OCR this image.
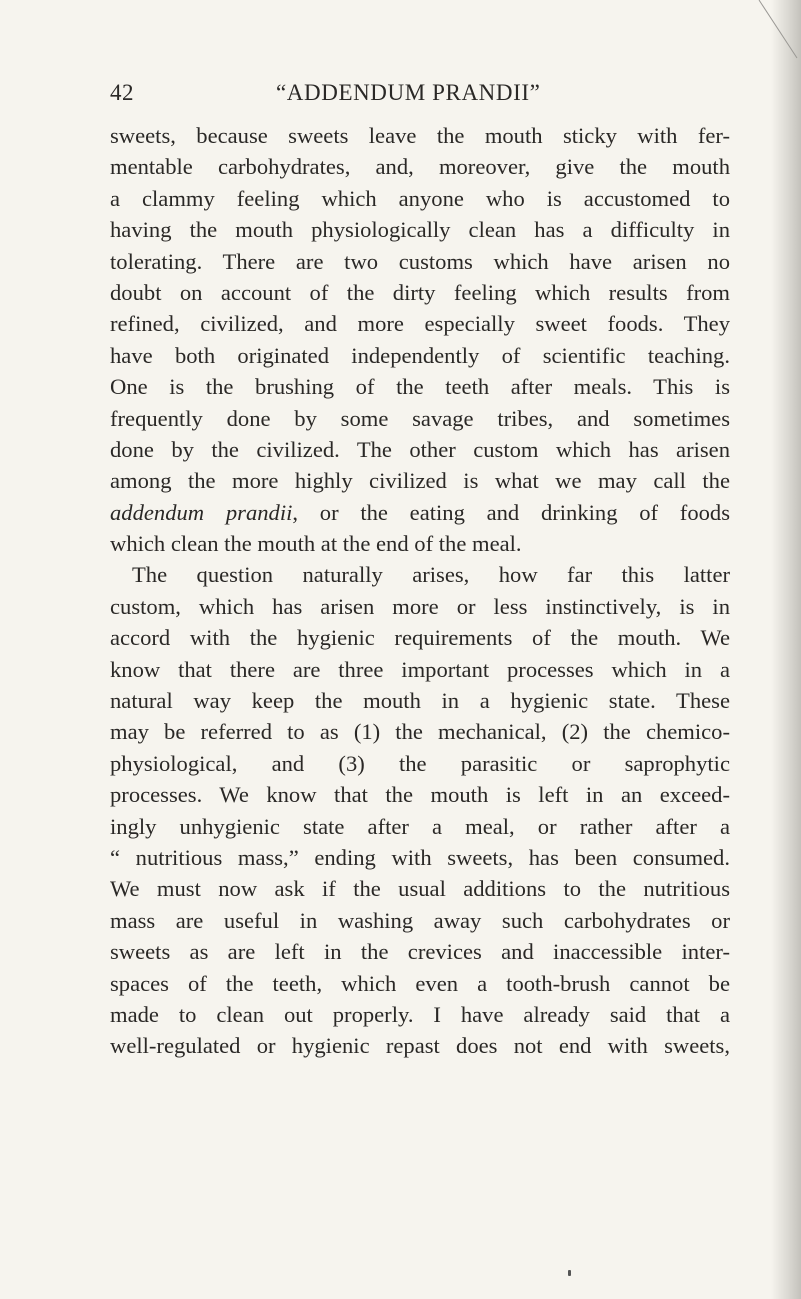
42	“ADDENDUM PRANDII”
sweets, because sweets leave the mouth sticky with fer-
mentable carbohydrates, and, moreover, give the mouth
a clammy feeling which anyone who is accustomed to
having the mouth physiologically clean has a difficulty in
tolerating. There are two customs which have arisen no
doubt on account of the dirty feeling which results from
refined, civilized, and more especially sweet foods. They
have both originated independently of scientific teaching.
One is the brushing of the teeth after meals. This is
frequently done by some savage tribes, and sometimes
done by the civilized. The other custom which has arisen
among the more highly civilized is what we may call the
addendum prandii, or the eating and drinking of foods
which clean the mouth at the end of the meal.
The question naturally arises, how far this latter
custom, which has arisen more or less instinctively, is in
accord with the hygienic requirements of the mouth. We
know that there are three important processes which in a
natural way keep the mouth in a hygienic state. These
may be referred to as (1) the mechanical, (2) the chemico-
physiological, and (3) the parasitic or saprophytic
processes. We know that the mouth is left in an exceed-
ingly unhygienic state after a meal, or rather after a
“ nutritious mass,” ending with sweets, has been consumed.
We must now ask if the usual additions to the nutritious
mass are useful in washing away such carbohydrates or
sweets as are left in the crevices and inaccessible inter-
spaces of the teeth, which even a tooth-brush cannot be
made to clean out properly. I have already said that a
well-regulated or hygienic repast does not end with sweets,
